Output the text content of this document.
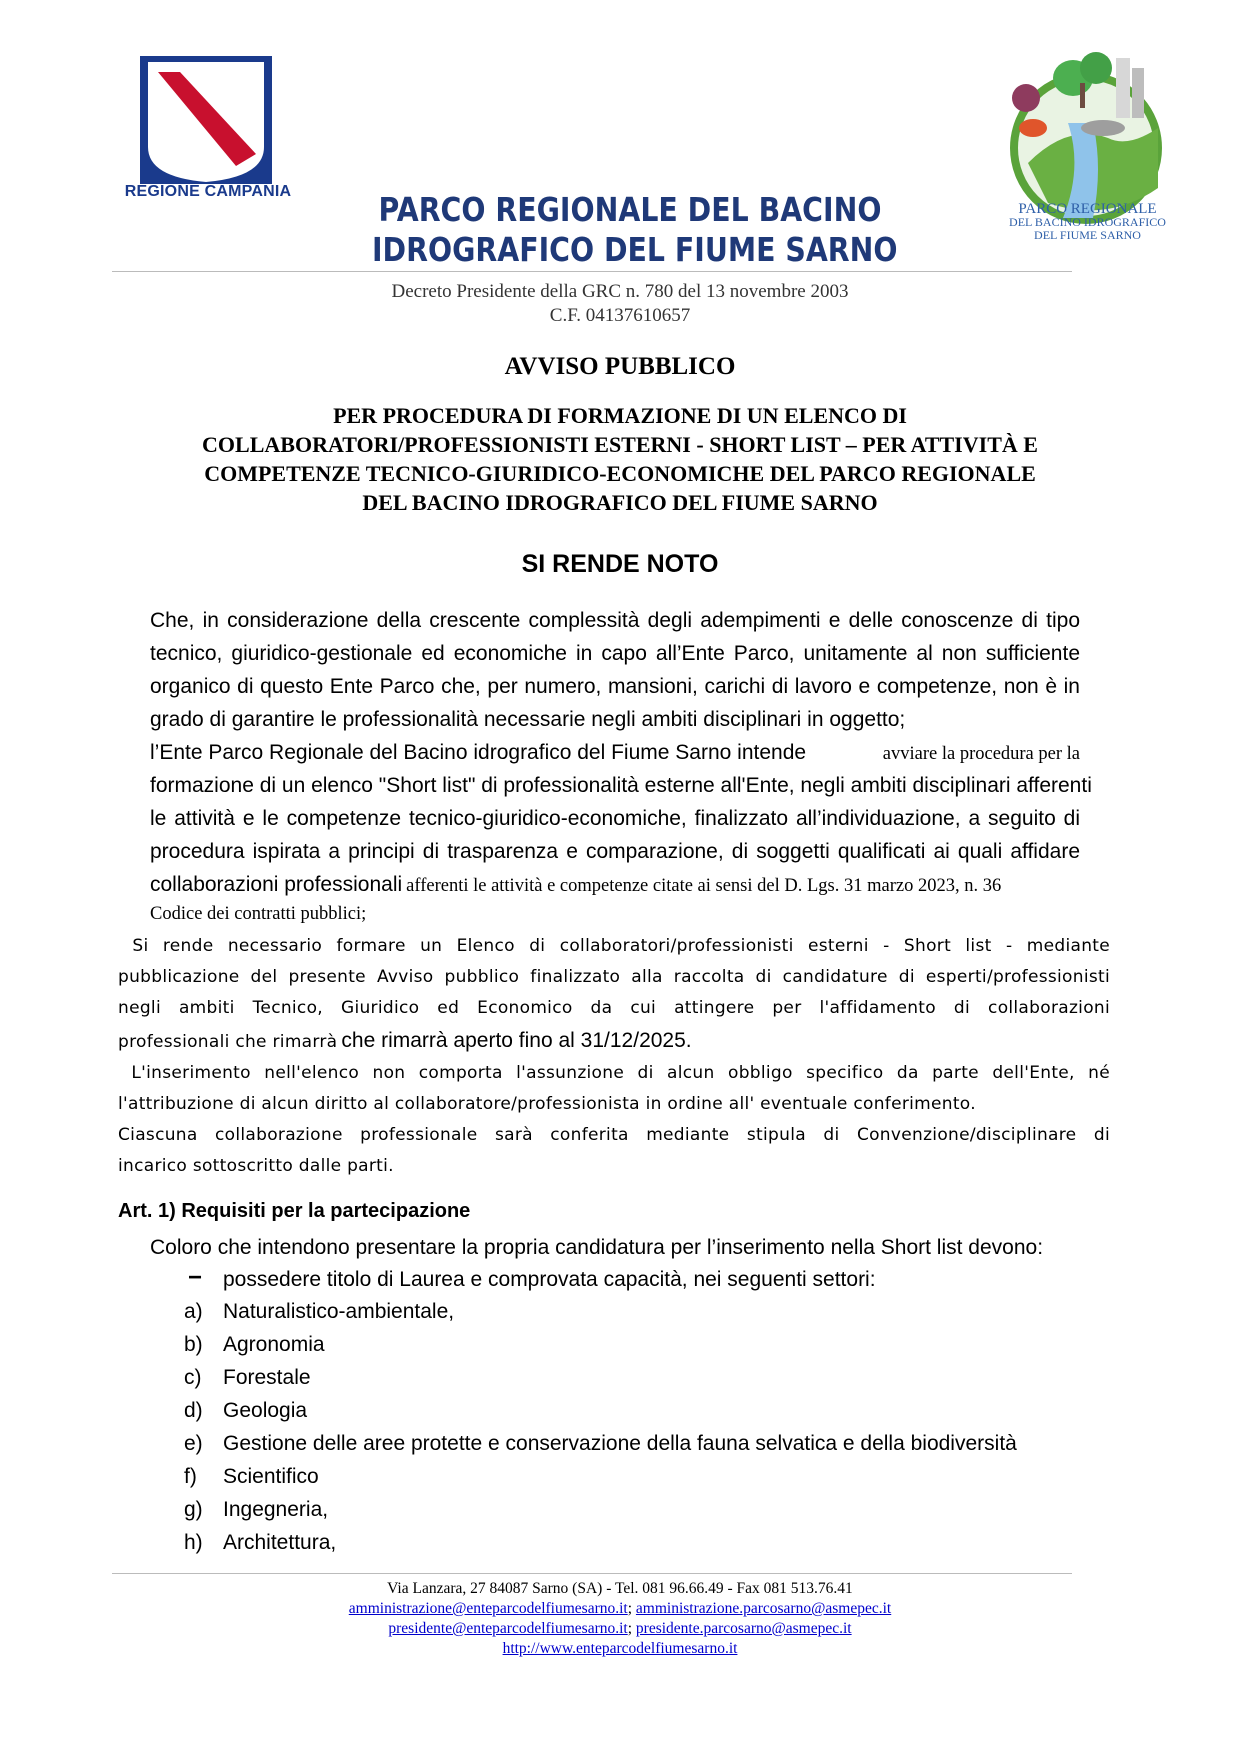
REGIONE CAMPANIA
PARCO REGIONALE
DEL BACINO IDROGRAFICO
DEL FIUME SARNO
PARCO REGIONALE DEL BACINO
IDROGRAFICO DEL FIUME SARNO
Decreto Presidente della GRC n. 780 del 13 novembre 2003
C.F. 04137610657
AVVISO PUBBLICO
PER PROCEDURA DI FORMAZIONE DI UN ELENCO DI
COLLABORATORI/PROFESSIONISTI ESTERNI - SHORT LIST – PER ATTIVITÀ E
COMPETENZE TECNICO-GIURIDICO-ECONOMICHE DEL PARCO REGIONALE
DEL BACINO IDROGRAFICO DEL FIUME SARNO
SI RENDE NOTO
Che, in considerazione della crescente complessità degli adempimenti e delle conoscenze di tipo
tecnico, giuridico-gestionale ed economiche in capo all’Ente Parco, unitamente al non sufficiente
organico di questo Ente Parco che, per numero, mansioni, carichi di lavoro e competenze, non è in
grado di garantire le professionalità necessarie negli ambiti disciplinari in oggetto;
l’Ente Parco Regionale del Bacino idrografico del Fiume Sarno intende	avviare la procedura per la
formazione di un elenco "Short list" di professionalità esterne all'Ente, negli ambiti disciplinari afferenti
le attività e le competenze tecnico-giuridico-economiche, finalizzato all’individuazione, a seguito di
procedura ispirata a principi di trasparenza e comparazione, di soggetti qualificati ai quali affidare
collaborazioni professionali afferenti le attività e competenze citate ai sensi del D. Lgs. 31 marzo 2023, n. 36
Codice dei contratti pubblici;
Si rende necessario formare un Elenco di collaboratori/professionisti esterni - Short list - mediante
pubblicazione del presente Avviso pubblico finalizzato alla raccolta di candidature di esperti/professionisti
negli ambiti Tecnico, Giuridico ed Economico da cui attingere per l'affidamento di collaborazioni
professionali che rimarrà che rimarrà aperto fino al 31/12/2025.
L'inserimento nell'elenco non comporta l'assunzione di alcun obbligo specifico da parte dell'Ente, né
l'attribuzione di alcun diritto al collaboratore/professionista in ordine all' eventuale conferimento.
Ciascuna collaborazione professionale sarà conferita mediante stipula di Convenzione/disciplinare di
incarico sottoscritto dalle parti.
Art. 1) Requisiti per la partecipazione
Coloro che intendono presentare la propria candidatura per l’inserimento nella Short list devono:
− possedere titolo di Laurea e comprovata capacità, nei seguenti settori:
a) Naturalistico-ambientale,
b) Agronomia
c) Forestale
d) Geologia
e) Gestione delle aree protette e conservazione della fauna selvatica e della biodiversità
f) Scientifico
g) Ingegneria,
h) Architettura,
Via Lanzara, 27 84087 Sarno (SA) - Tel. 081 96.66.49 - Fax 081 513.76.41
amministrazione@enteparcodelfiumesarno.it; amministrazione.parcosarno@asmepec.it
presidente@enteparcodelfiumesarno.it; presidente.parcosarno@asmepec.it
http://www.enteparcodelfiumesarno.it
